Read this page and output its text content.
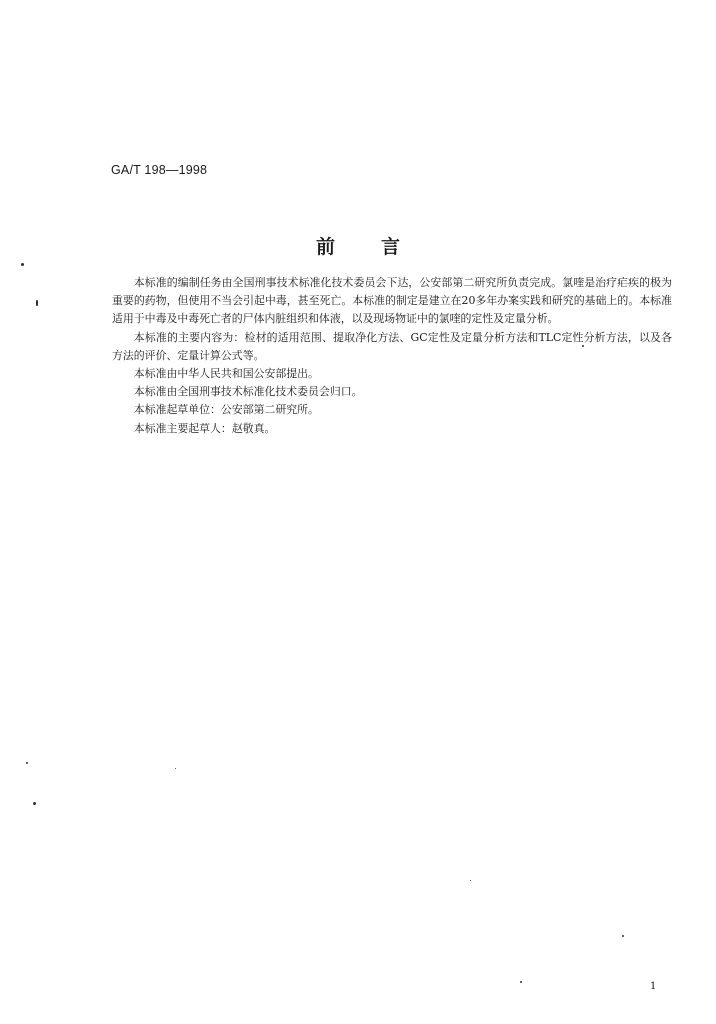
GA/T 198—1998
前 言

本标准的编制任务由全国刑事技术标准化技术委员会下达，公安部第二研究所负责完成。氯喹是治疗疟疾的极为重要的药物，但使用不当会引起中毒，甚至死亡。本标准的制定是建立在20多年办案实践和研究的基础上的。本标准适用于中毒及中毒死亡者的尸体内脏组织和体液，以及现场物证中的氯喹的定性及定量分析。

本标准的主要内容为：检材的适用范围、提取净化方法、GC定性及定量分析方法和TLC定性分析方法，以及各方法的评价、定量计算公式等。

本标准由中华人民共和国公安部提出。

本标准由全国刑事技术标准化技术委员会归口。

本标准起草单位：公安部第二研究所。

本标准主要起草人：赵敬真。

1
